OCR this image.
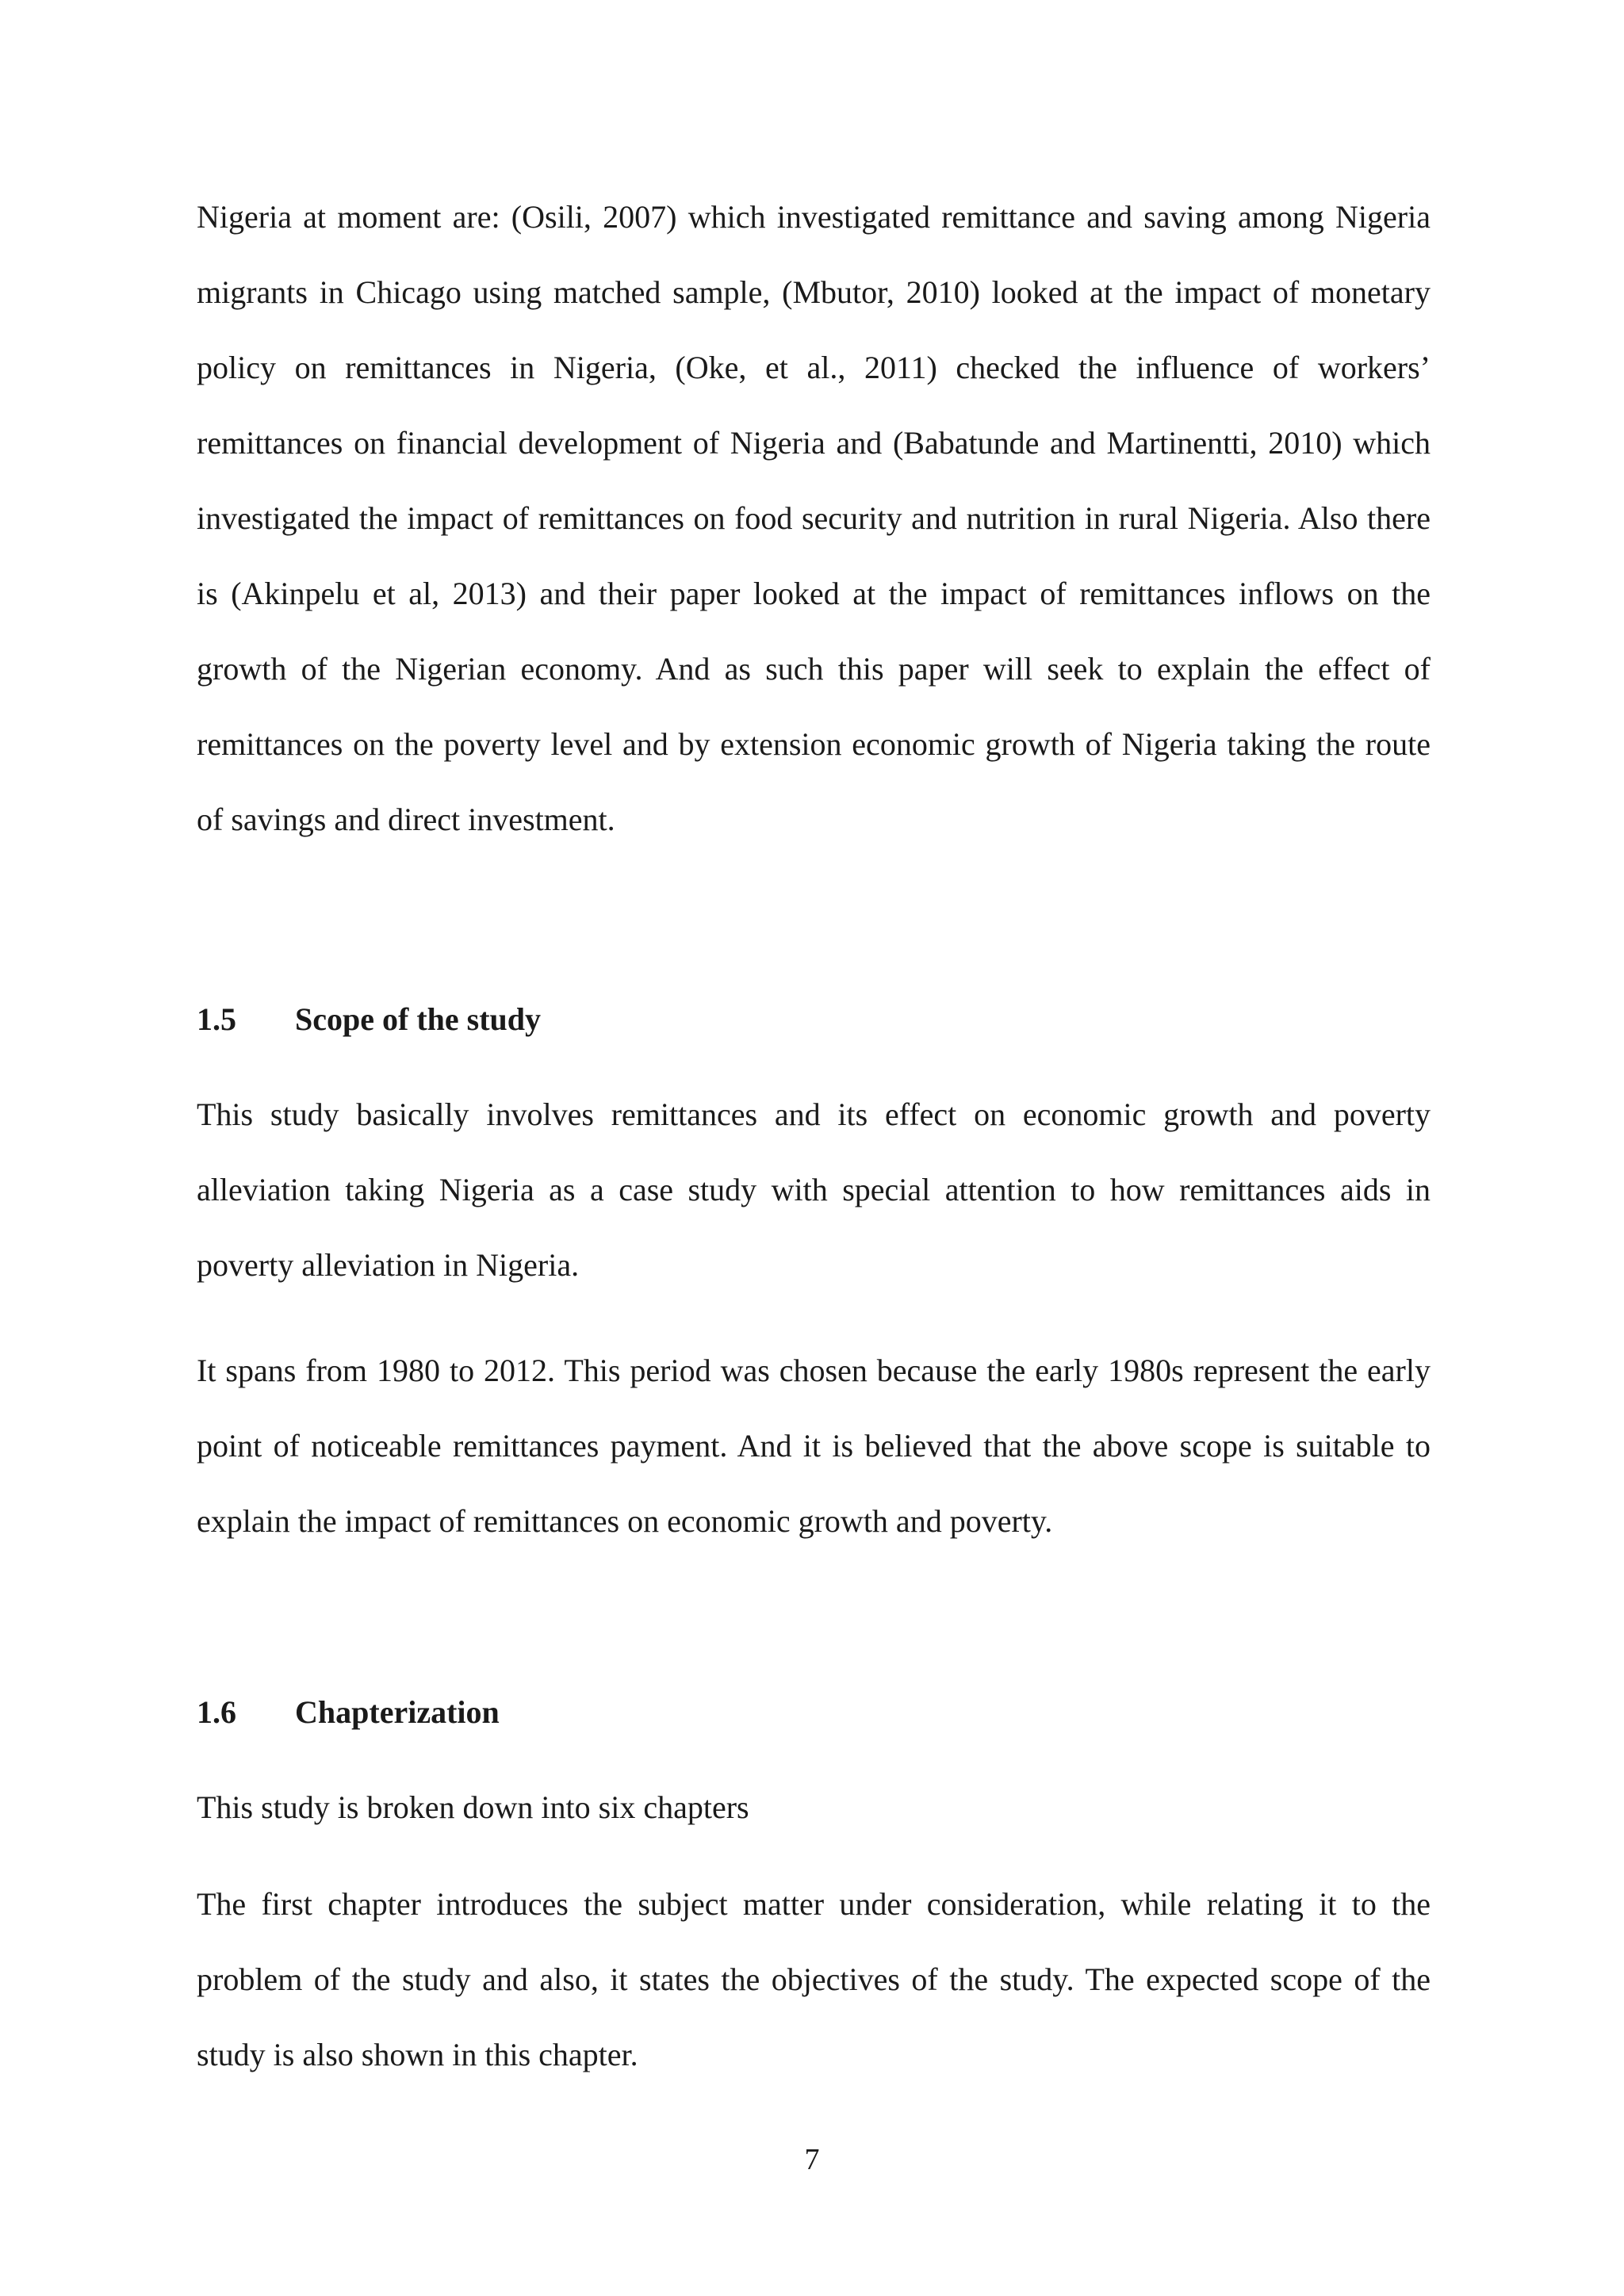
Nigeria at moment are: (Osili, 2007) which investigated remittance and saving among Nigeria migrants in Chicago using matched sample, (Mbutor, 2010) looked at the impact of monetary policy on remittances in Nigeria, (Oke, et al., 2011) checked the influence of workers’ remittances on financial development of Nigeria and (Babatunde and Martinentti, 2010) which investigated the impact of remittances on food security and nutrition in rural Nigeria. Also there is (Akinpelu et al, 2013) and their paper looked at the impact of remittances inflows on the growth of the Nigerian economy. And as such this paper will seek to explain the effect of remittances on the poverty level and by extension economic growth of Nigeria taking the route of savings and direct investment.

1.5 Scope of the study

This study basically involves remittances and its effect on economic growth and poverty alleviation taking Nigeria as a case study with special attention to how remittances aids in poverty alleviation in Nigeria.

It spans from 1980 to 2012. This period was chosen because the early 1980s represent the early point of noticeable remittances payment. And it is believed that the above scope is suitable to explain the impact of remittances on economic growth and poverty.

1.6 Chapterization

This study is broken down into six chapters

The first chapter introduces the subject matter under consideration, while relating it to the problem of the study and also, it states the objectives of the study. The expected scope of the study is also shown in this chapter.

7
